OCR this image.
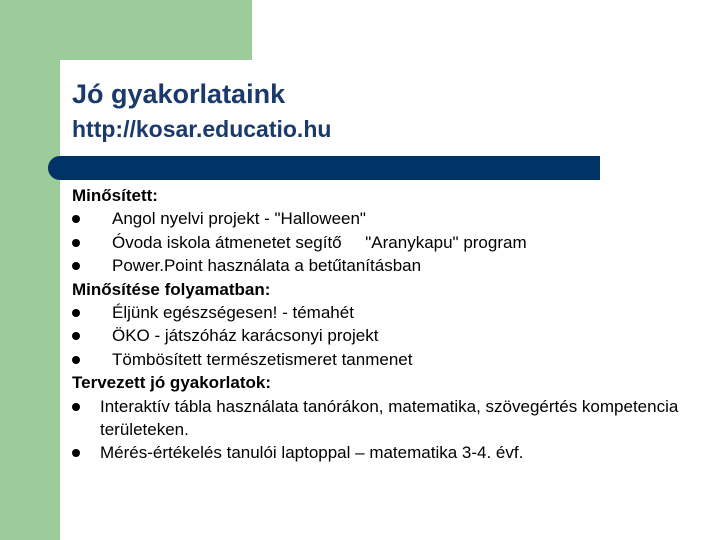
Jó gyakorlataink
http://kosar.educatio.hu
Minősített:
Angol nyelvi projekt - "Halloween"
Óvoda iskola átmenetet segítő     "Aranykapu" program
Power.Point használata a betűtanításban
Minősítése folyamatban:
Éljünk egészségesen! - témahét
ÖKO - játszóház karácsonyi projekt
Tömbösített természetismeret tanmenet
Tervezett jó gyakorlatok:
Interaktív tábla használata tanórákon, matematika, szövegértés kompetencia területeken.
Mérés-értékelés tanulói laptoppal – matematika 3-4. évf.
